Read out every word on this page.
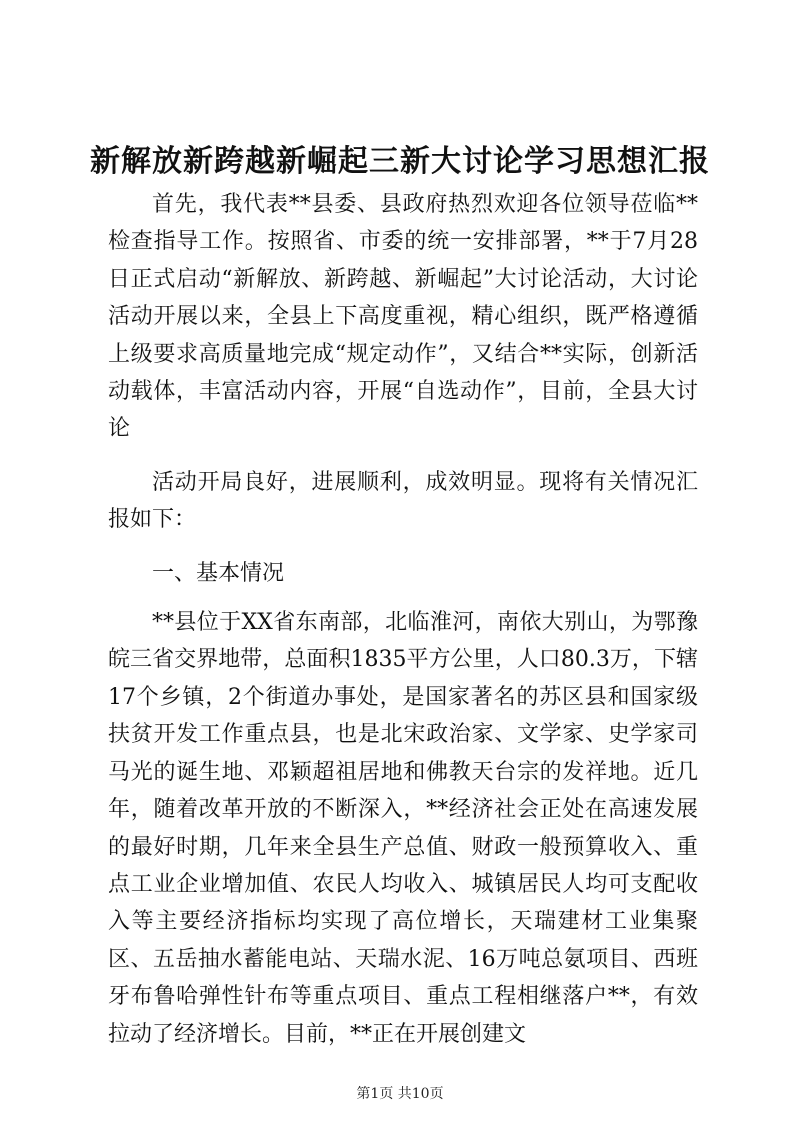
新解放新跨越新崛起三新大讨论学习思想汇报

首先，我代表**县委、县政府热烈欢迎各位领导莅临**检查指导工作。按照省、市委的统一安排部署，**于7月28日正式启动“新解放、新跨越、新崛起”大讨论活动，大讨论活动开展以来，全县上下高度重视，精心组织，既严格遵循上级要求高质量地完成“规定动作”，又结合**实际，创新活动载体，丰富活动内容，开展“自选动作”，目前，全县大讨论

活动开局良好，进展顺利，成效明显。现将有关情况汇报如下：

一、基本情况

**县位于XX省东南部，北临淮河，南依大别山，为鄂豫皖三省交界地带，总面积1835平方公里，人口80.3万，下辖17个乡镇，2个街道办事处，是国家著名的苏区县和国家级扶贫开发工作重点县，也是北宋政治家、文学家、史学家司马光的诞生地、邓颖超祖居地和佛教天台宗的发祥地。近几年，随着改革开放的不断深入，**经济社会正处在高速发展的最好时期，几年来全县生产总值、财政一般预算收入、重点工业企业增加值、农民人均收入、城镇居民人均可支配收入等主要经济指标均实现了高位增长，天瑞建材工业集聚区、五岳抽水蓄能电站、天瑞水泥、16万吨总氨项目、西班牙布鲁哈弹性针布等重点项目、重点工程相继落户**，有效拉动了经济增长。目前，**正在开展创建文

第1页 共10页
